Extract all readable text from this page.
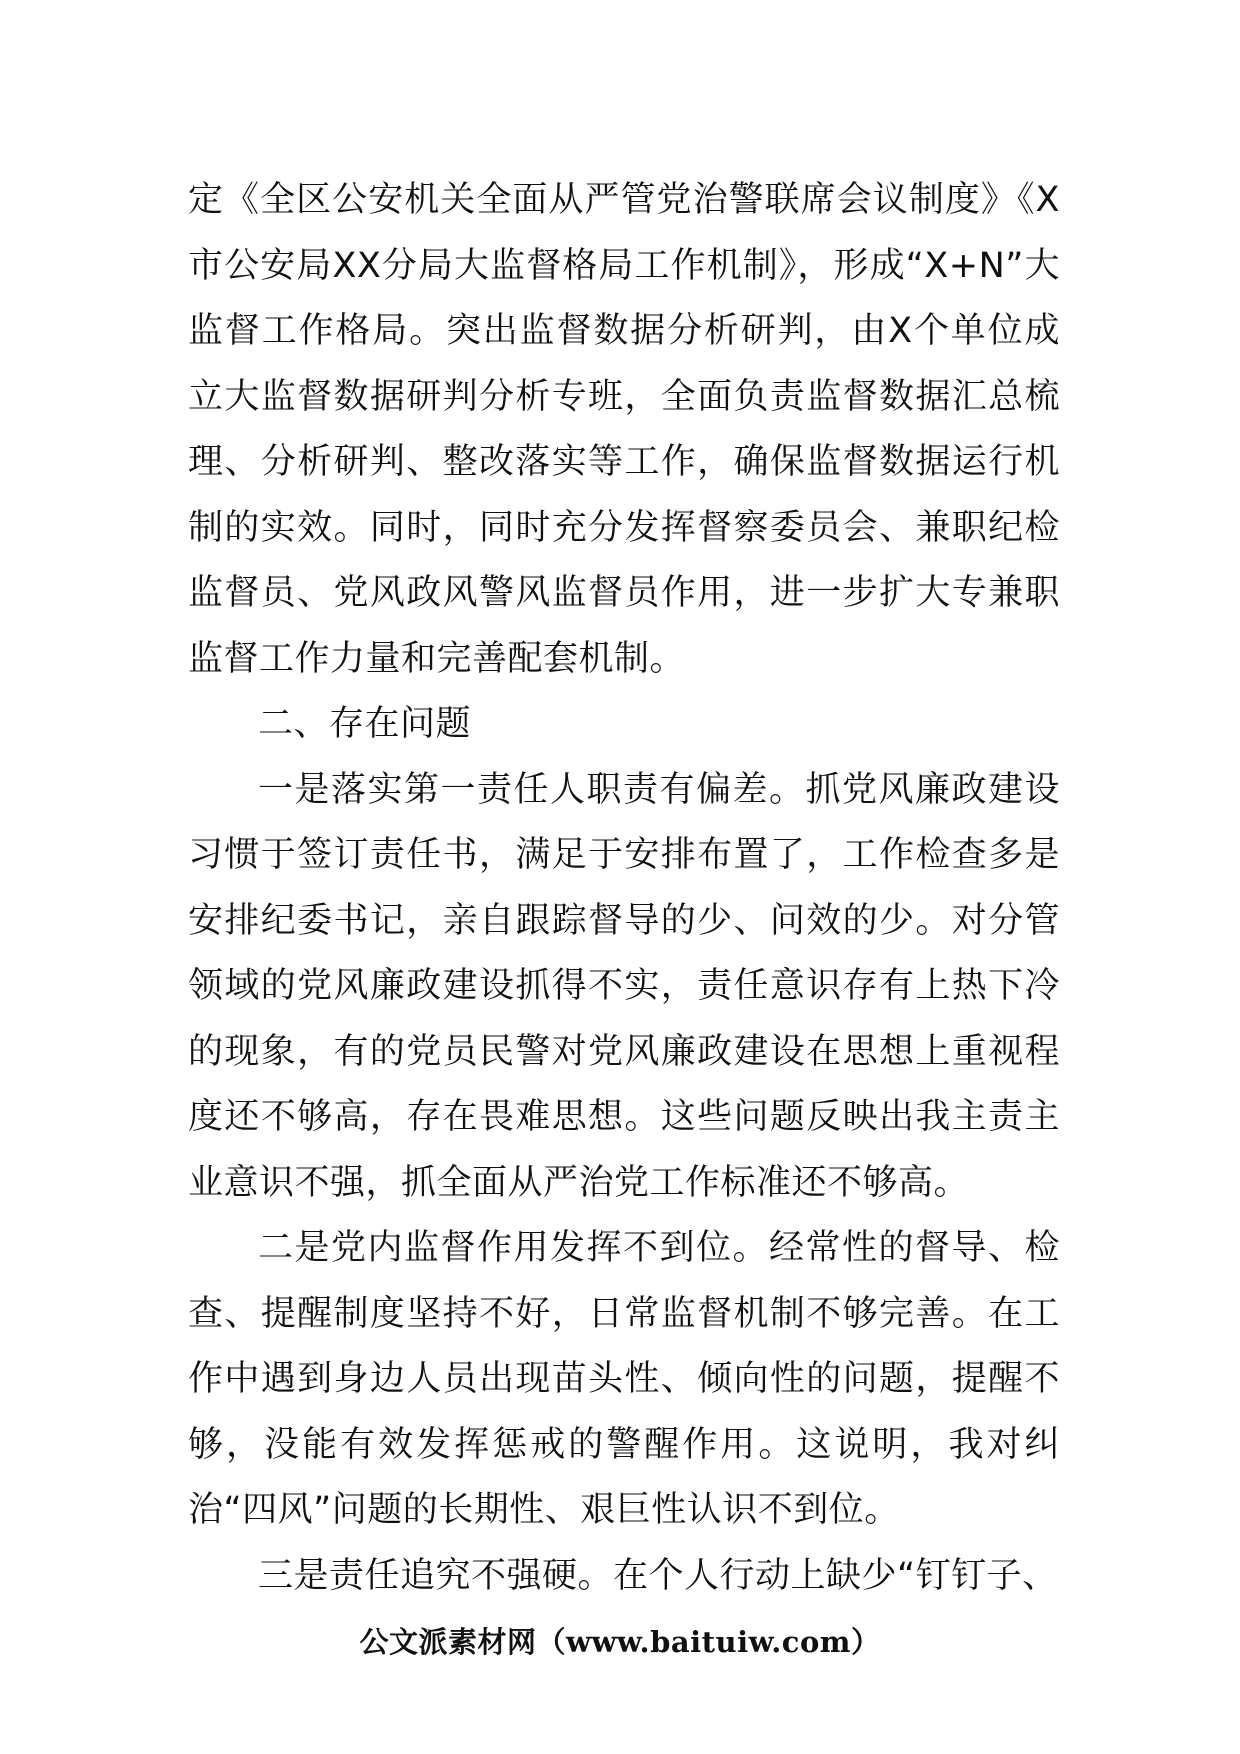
定《全区公安机关全面从严管党治警联席会议制度》《X市公安局XX分局大监督格局工作机制》，形成“X+N”大监督工作格局。突出监督数据分析研判，由X个单位成立大监督数据研判分析专班，全面负责监督数据汇总梳理、分析研判、整改落实等工作，确保监督数据运行机制的实效。同时，同时充分发挥督察委员会、兼职纪检监督员、党风政风警风监督员作用，进一步扩大专兼职监督工作力量和完善配套机制。

二、存在问题

一是落实第一责任人职责有偏差。抓党风廉政建设习惯于签订责任书，满足于安排布置了，工作检查多是安排纪委书记，亲自跟踪督导的少、问效的少。对分管领域的党风廉政建设抓得不实，责任意识存有上热下冷的现象，有的党员民警对党风廉政建设在思想上重视程度还不够高，存在畏难思想。这些问题反映出我主责主业意识不强，抓全面从严治党工作标准还不够高。

二是党内监督作用发挥不到位。经常性的督导、检查、提醒制度坚持不好，日常监督机制不够完善。在工作中遇到身边人员出现苗头性、倾向性的问题，提醒不够，没能有效发挥惩戒的警醒作用。这说明，我对纠治“四风”问题的长期性、艰巨性认识不到位。

三是责任追究不强硬。在个人行动上缺少“钉钉子、

公文派素材网（www.baituiw.com）
